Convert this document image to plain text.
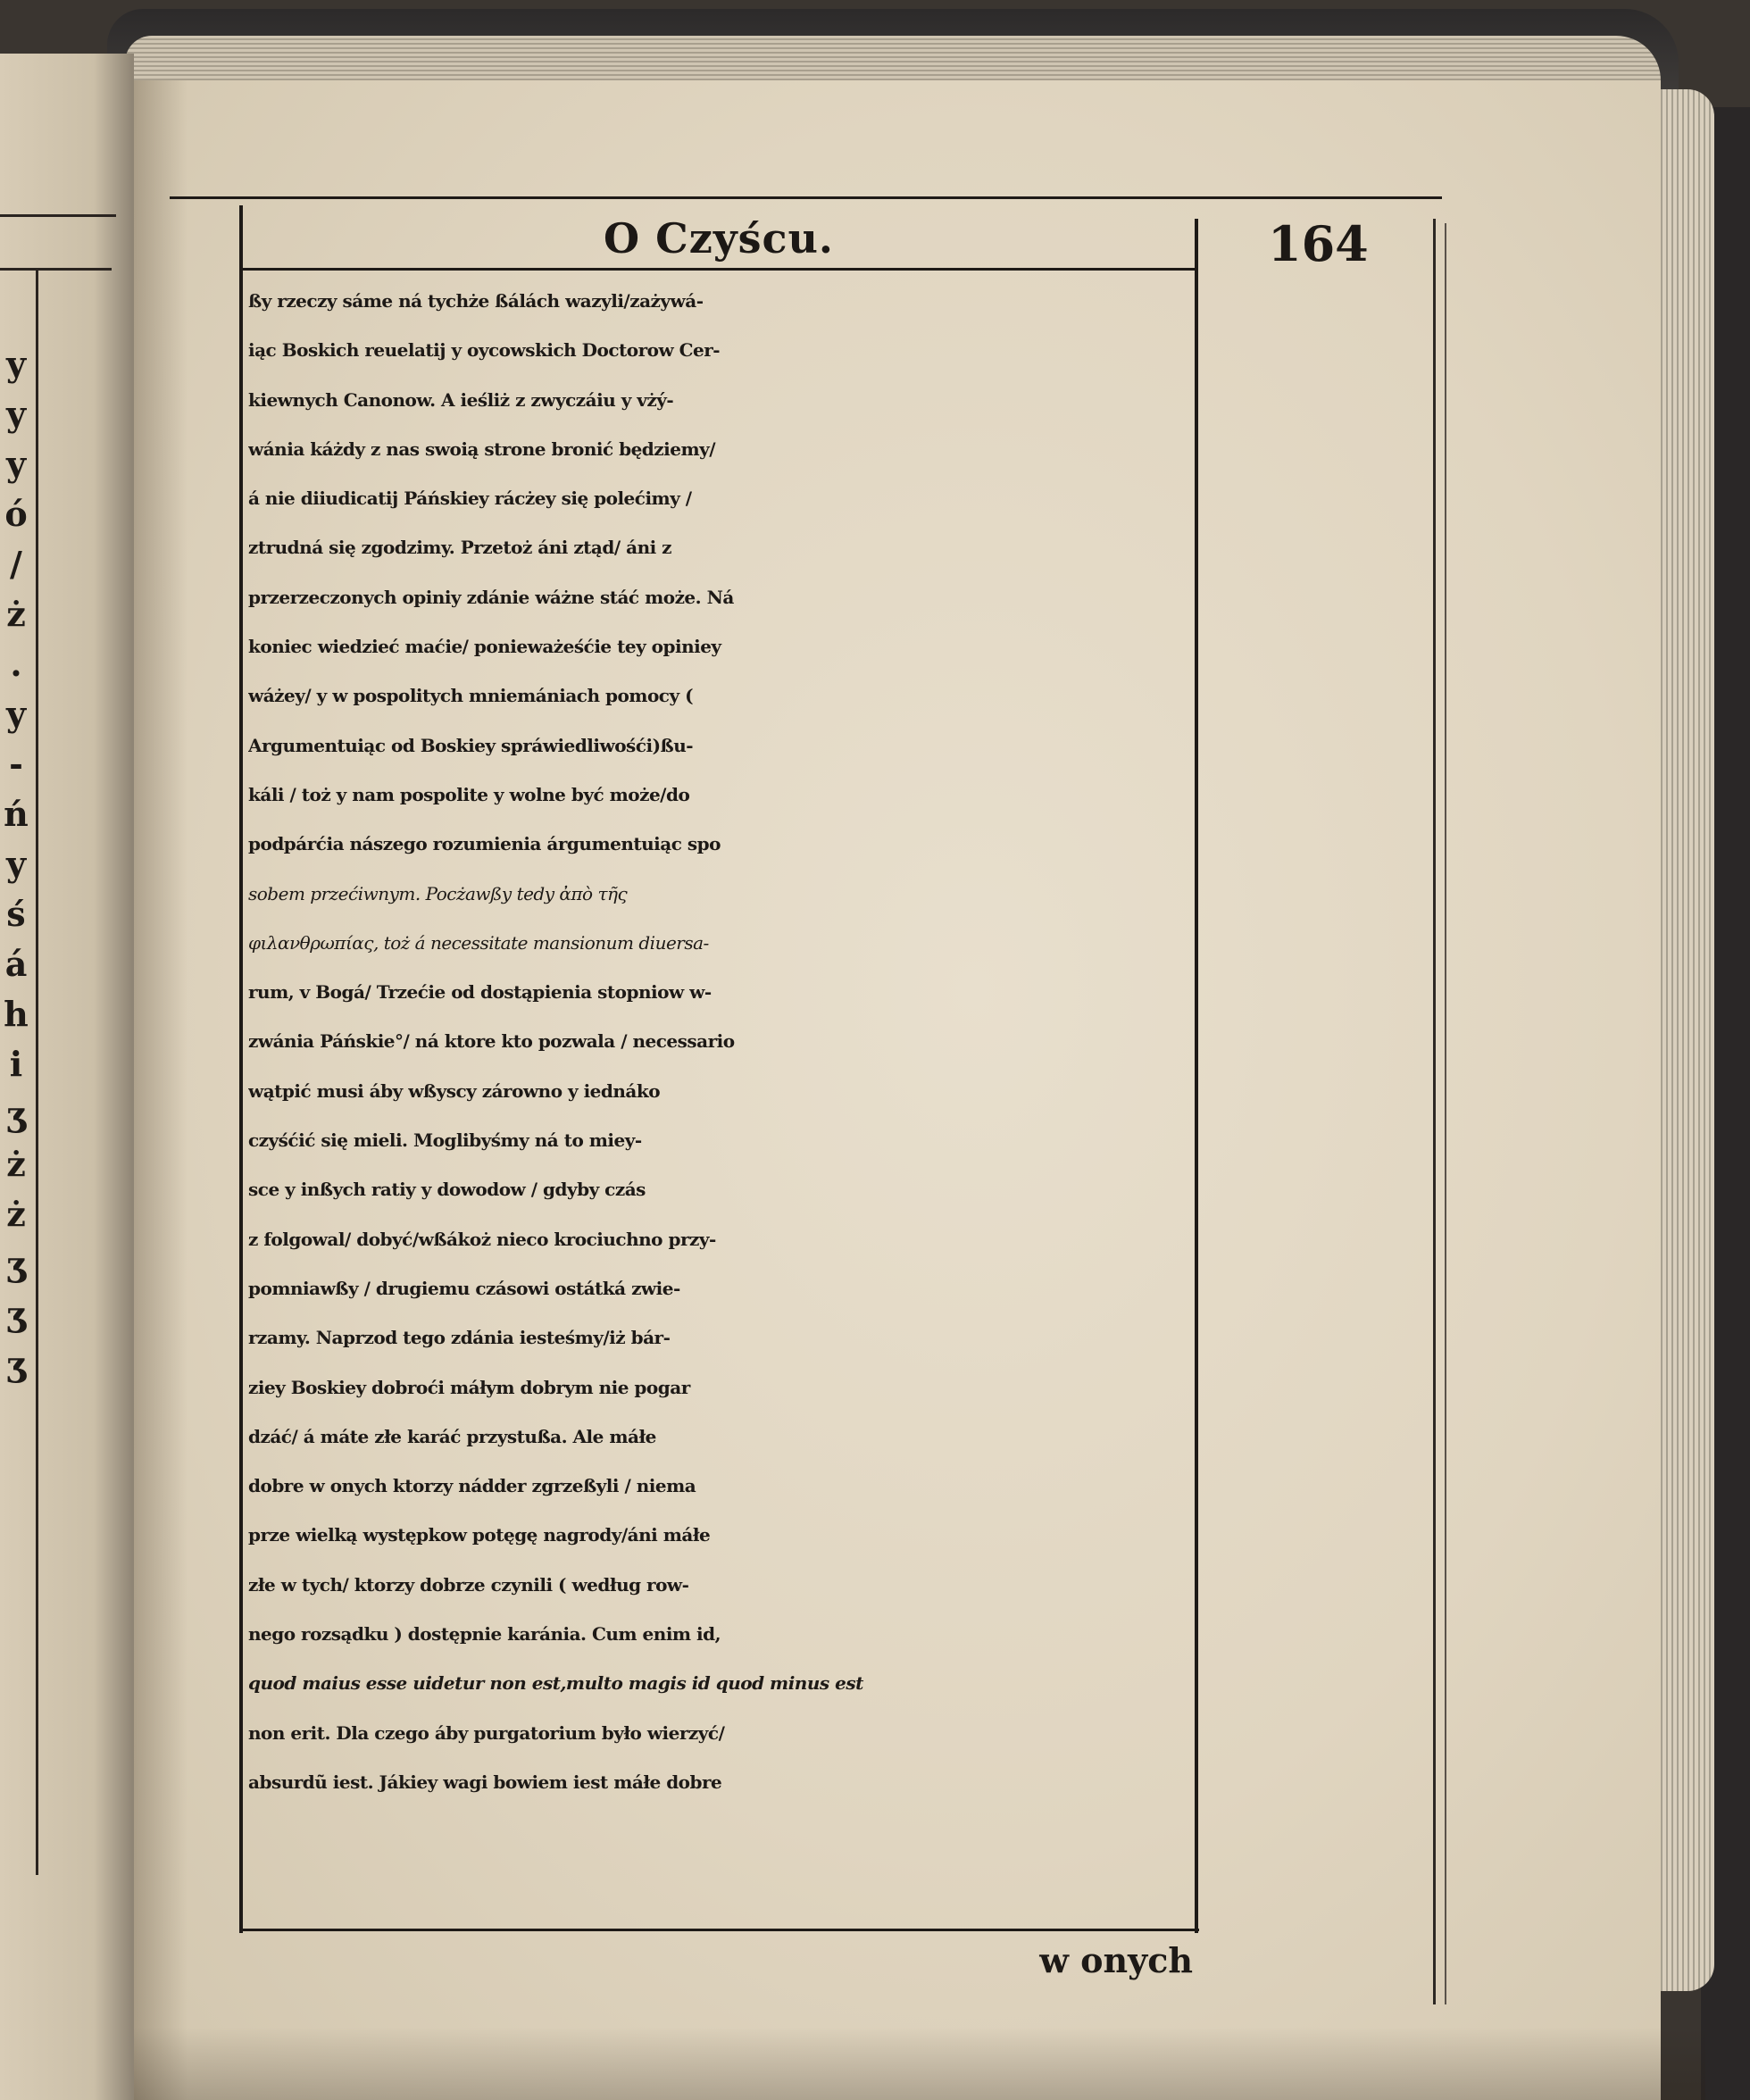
y
y
y
ó
/
ż
.
y
-
ń
y
ś
á
h
i
ʒ
ż
ż
ʒ
ʒ
ʒ
O Czyścu.	164
ßy rzeczy sáme ná tychże ßálách wazyli/zażywá-
iąc Boskich reuelatij y oycowskich Doctorow Cer-
kiewnych Canonow. A ieśliż z zwyczáiu y vżý-
wánia káżdy z nas swoią strone bronić będziemy/
á nie diiudicatij Páńskiey rácżey się polećimy /
ztrudná się zgodzimy. Przetoż áni ztąd/ áni z
przerzeczonych opiniy zdánie wáżne stáć może. Ná
koniec wiedzieć maćie/ ponieważeśćie tey opiniey
wáżey/ y w pospolitych mniemániach pomocy (
Argumentuiąc od Boskiey spráwiedliwośći)ßu-
káli / toż y nam pospolite y wolne być może/do
podpárćia nászego rozumienia árgumentuiąc spo
sobem przećiwnym. Pocżawßy tedy ἀπὸ τῆς
φιλανθρωπίας, toż á necessitate mansionum diuersa-
rum, v Bogá/ Trzećie od dostąpienia stopniow w-
zwánia Páńskie°/ ná ktore kto pozwala / necessario
wątpić musi áby wßyscy zárowno y iednáko
czyśćić się mieli. Moglibyśmy ná to miey-
sce y inßych ratiy y dowodow / gdyby czás
z folgowal/ dobyć/wßákoż nieco krociuchno przy-
pomniawßy / drugiemu czásowi ostátká zwie-
rzamy. Naprzod tego zdánia iesteśmy/iż bár-
ziey Boskiey dobroći máłym dobrym nie pogar
dzáć/ á máte złe karáć przystußa. Ale máłe
dobre w onych ktorzy nádder zgrzeßyli / niema
prze wielką występkow potęgę nagrody/áni máłe
złe w tych/ ktorzy dobrze czynili ( według row-
nego rozsądku ) dostępnie karánia. Cum enim id,
quod maius esse uidetur non est,multo magis id quod minus est
non erit. Dla czego áby purgatorium było wierzyć/
absurdũ iest. Jákiey wagi bowiem iest máłe dobre
w onych
